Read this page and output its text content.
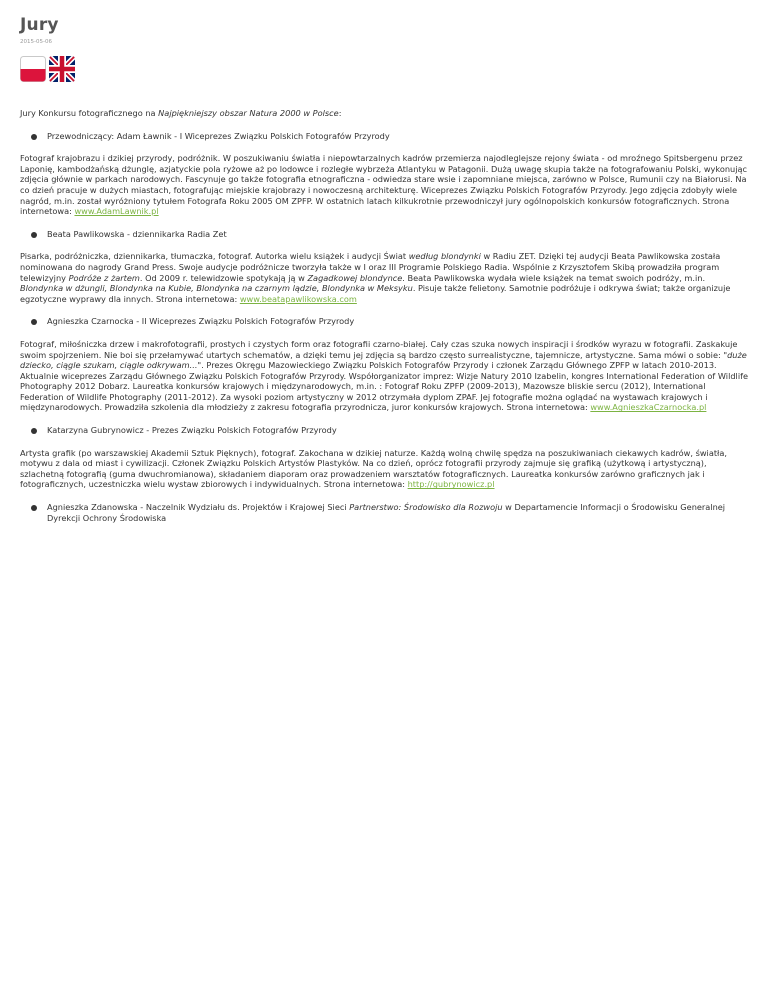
Jury
2015-05-06

Jury Konkursu fotograficznego na Najpiękniejszy obszar Natura 2000 w Polsce:

Przewodniczący: Adam Ławnik - I Wiceprezes Związku Polskich Fotografów Przyrody

Fotograf krajobrazu i dzikiej przyrody, podróżnik. W poszukiwaniu światła i niepowtarzalnych kadrów przemierza najodleglejsze rejony świata - od mroźnego Spitsbergenu przez Laponię, kambodżańską dżunglę, azjatyckie pola ryżowe aż po lodowce i rozległe wybrzeża Atlantyku w Patagonii. Dużą uwagę skupia także na fotografowaniu Polski, wykonując zdjęcia głównie w parkach narodowych. Fascynuje go także fotografia etnograficzna - odwiedza stare wsie i zapomniane miejsca, zarówno w Polsce, Rumunii czy na Białorusi. Na co dzień pracuje w dużych miastach, fotografując miejskie krajobrazy i nowoczesną architekturę. Wiceprezes Związku Polskich Fotografów Przyrody. Jego zdjęcia zdobyły wiele nagród, m.in. został wyróżniony tytułem Fotografa Roku 2005 OM ZPFP. W ostatnich latach kilkukrotnie przewodniczył jury ogólnopolskich konkursów fotograficznych. Strona internetowa: www.AdamLawnik.pl

Beata Pawlikowska - dziennikarka Radia Zet

Pisarka, podróżniczka, dziennikarka, tłumaczka, fotograf. Autorka wielu książek i audycji Świat według blondynki w Radiu ZET. Dzięki tej audycji Beata Pawlikowska została nominowana do nagrody Grand Press. Swoje audycje podróżnicze tworzyła także w I oraz III Programie Polskiego Radia. Wspólnie z Krzysztofem Skibą prowadziła program telewizyjny Podróże z żartem. Od 2009 r. telewidzowie spotykają ją w Zagadkowej blondynce. Beata Pawlikowska wydała wiele książek na temat swoich podróży, m.in. Blondynka w dżungli, Blondynka na Kubie, Blondynka na czarnym lądzie, Blondynka w Meksyku. Pisuje także felietony. Samotnie podróżuje i odkrywa świat; także organizuje egzotyczne wyprawy dla innych. Strona internetowa: www.beatapawlikowska.com

Agnieszka Czarnocka - II Wiceprezes Związku Polskich Fotografów Przyrody

Fotograf, miłośniczka drzew i makrofotografii, prostych i czystych form oraz fotografii czarno-białej. Cały czas szuka nowych inspiracji i środków wyrazu w fotografii. Zaskakuje swoim spojrzeniem. Nie boi się przełamywać utartych schematów, a dzięki temu jej zdjęcia są bardzo często surrealistyczne, tajemnicze, artystyczne. Sama mówi o sobie: "duże dziecko, ciągle szukam, ciągle odkrywam...". Prezes Okręgu Mazowieckiego Związku Polskich Fotografów Przyrody i członek Zarządu Głównego ZPFP w latach 2010-2013. Aktualnie wiceprezes Zarządu Głównego Związku Polskich Fotografów Przyrody. Współorganizator imprez: Wizje Natury 2010 Izabelin, kongres International Federation of Wildlife Photography 2012 Dobarz. Laureatka konkursów krajowych i międzynarodowych, m.in. : Fotograf Roku ZPFP (2009-2013), Mazowsze bliskie sercu (2012), International Federation of Wildlife Photography (2011-2012). Za wysoki poziom artystyczny w 2012 otrzymała dyplom ZPAF. Jej fotografie można oglądać na wystawach krajowych i międzynarodowych. Prowadziła szkolenia dla młodzieży z zakresu fotografia przyrodnicza, juror konkursów krajowych. Strona internetowa: www.AgnieszkaCzarnocka.pl

Katarzyna Gubrynowicz - Prezes Związku Polskich Fotografów Przyrody

Artysta grafik (po warszawskiej Akademii Sztuk Pięknych), fotograf. Zakochana w dzikiej naturze. Każdą wolną chwilę spędza na poszukiwaniach ciekawych kadrów, światła, motywu z dala od miast i cywilizacji. Członek Związku Polskich Artystów Plastyków. Na co dzień, oprócz fotografii przyrody zajmuje się grafiką (użytkową i artystyczną), szlachetną fotografią (guma dwuchromianowa), składaniem diaporam oraz prowadzeniem warsztatów fotograficznych. Laureatka konkursów zarówno graficznych jak i fotograficznych, uczestniczka wielu wystaw zbiorowych i indywidualnych. Strona internetowa: http://gubrynowicz.pl

Agnieszka Zdanowska - Naczelnik Wydziału ds. Projektów i Krajowej Sieci Partnerstwo: Środowisko dla Rozwoju w Departamencie Informacji o Środowisku Generalnej Dyrekcji Ochrony Środowiska
